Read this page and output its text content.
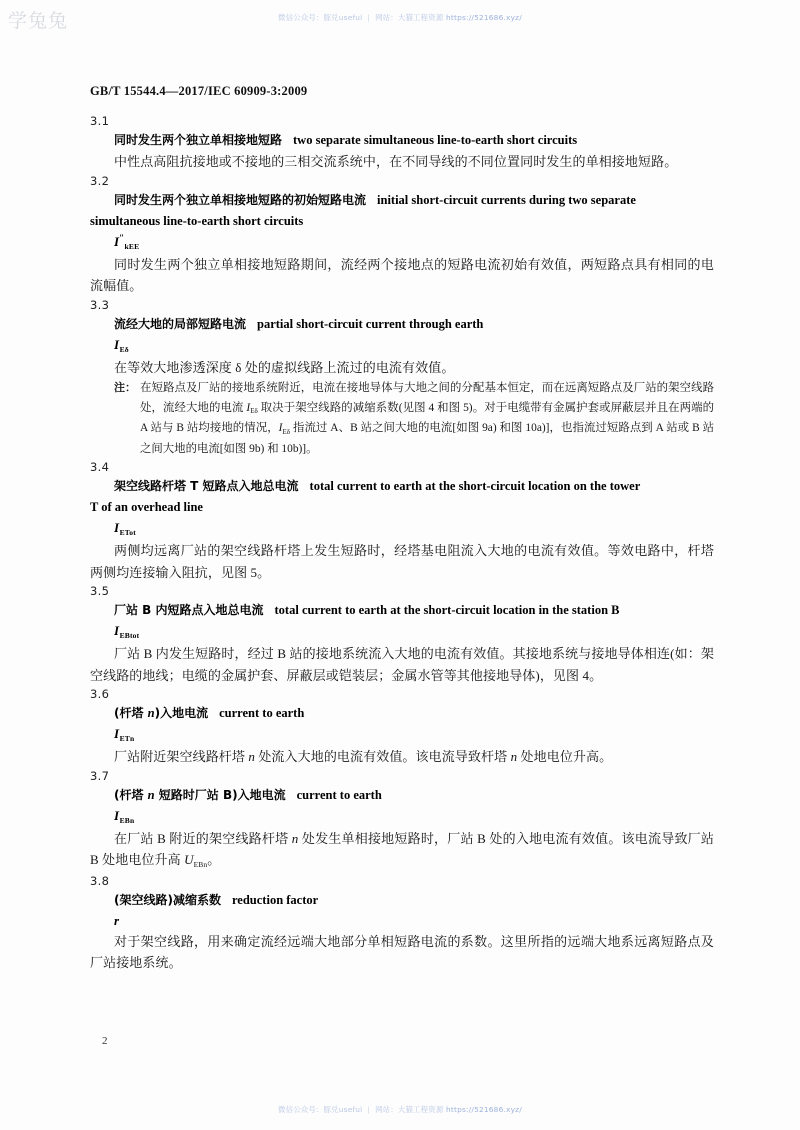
学兔兔	微信公众号：豚兑useful | 网站：大猫工程资源 https://521686.xyz/
GB/T 15544.4—2017/IEC 60909-3:2009
3.1
同时发生两个独立单相接地短路 two separate simultaneous line-to-earth short circuits
中性点高阻抗接地或不接地的三相交流系统中，在不同导线的不同位置同时发生的单相接地短路。
3.2
同时发生两个独立单相接地短路的初始短路电流 initial short-circuit currents during two separate
simultaneous line-to-earth short circuits
$I''_{kEE}$
同时发生两个独立单相接地短路期间，流经两个接地点的短路电流初始有效值，两短路点具有相同的电流幅值。
3.3
流经大地的局部短路电流 partial short-circuit current through earth
$I_{E\delta}$
在等效大地渗透深度 δ 处的虚拟线路上流过的电流有效值。
注： 在短路点及厂站的接地系统附近，电流在接地导体与大地之间的分配基本恒定，而在远离短路点及厂站的架空线路处，流经大地的电流 $I_{E\delta}$ 取决于架空线路的减缩系数(见图 4 和图 5)。对于电缆带有金属护套或屏蔽层并且在两端的 A 站与 B 站均接地的情况，$I_{E\delta}$ 指流过 A、B 站之间大地的电流[如图 9a) 和图 10a)]，也指流过短路点到 A 站或 B 站之间大地的电流[如图 9b) 和 10b)]。
3.4
架空线路杆塔 T 短路点入地总电流 total current to earth at the short-circuit location on the tower
T of an overhead line
$I_{ETot}$
两侧均远离厂站的架空线路杆塔上发生短路时，经塔基电阻流入大地的电流有效值。等效电路中，杆塔两侧均连接输入阻抗，见图 5。
3.5
厂站 B 内短路点入地总电流 total current to earth at the short-circuit location in the station B
$I_{EBtot}$
厂站 B 内发生短路时，经过 B 站的接地系统流入大地的电流有效值。其接地系统与接地导体相连(如：架空线路的地线；电缆的金属护套、屏蔽层或铠装层；金属水管等其他接地导体)，见图 4。
3.6
(杆塔 n)入地电流 current to earth
$I_{ETn}$
厂站附近架空线路杆塔 n 处流入大地的电流有效值。该电流导致杆塔 n 处地电位升高。
3.7
(杆塔 n 短路时厂站 B)入地电流 current to earth
$I_{EBn}$
在厂站 B 附近的架空线路杆塔 n 处发生单相接地短路时，厂站 B 处的入地电流有效值。该电流导致厂站 B 处地电位升高 $U_{EBn}$。
3.8
(架空线路)减缩系数 reduction factor
r
对于架空线路，用来确定流经远端大地部分单相短路电流的系数。这里所指的远端大地系远离短路点及厂站接地系统。
2
微信公众号：豚兑useful | 网站：大猫工程资源 https://521686.xyz/
